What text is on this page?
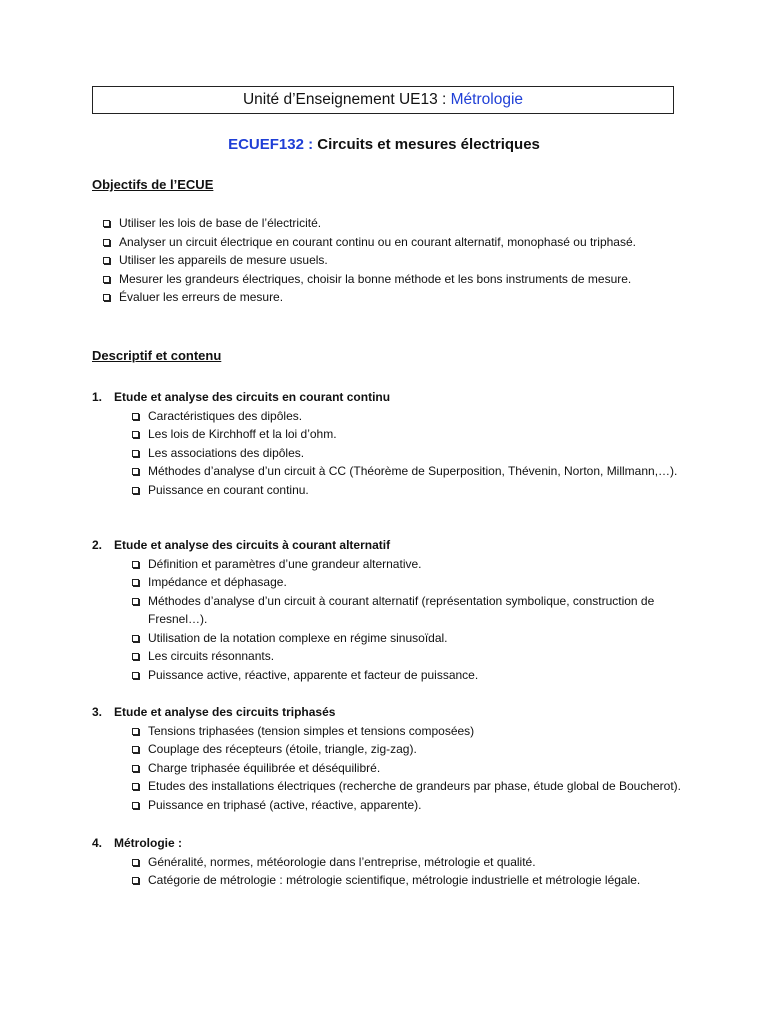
Unité d’Enseignement UE13 : Métrologie
ECUEF132 : Circuits et mesures électriques
Objectifs de l’ECUE
Utiliser les lois de base de l’électricité.
Analyser un circuit électrique en courant continu ou en courant alternatif, monophasé ou triphasé.
Utiliser les appareils de mesure usuels.
Mesurer les grandeurs électriques, choisir la bonne méthode et les bons instruments de mesure.
Évaluer les erreurs de mesure.
Descriptif et contenu
1. Etude et analyse des circuits en courant continu
Caractéristiques des dipôles.
Les lois de Kirchhoff et la loi d’ohm.
Les associations des dipôles.
Méthodes d’analyse d’un circuit à CC (Théorème de Superposition, Thévenin, Norton, Millmann,…).
Puissance en courant continu.
2. Etude et analyse des circuits à courant alternatif
Définition et paramètres d’une grandeur alternative.
Impédance et déphasage.
Méthodes d’analyse d’un circuit à courant alternatif (représentation symbolique, construction de Fresnel…).
Utilisation de la notation complexe en régime sinusoïdal.
Les circuits résonnants.
Puissance active, réactive, apparente et facteur de puissance.
3. Etude et analyse des circuits triphasés
Tensions triphasées (tension simples et tensions composées)
Couplage des récepteurs (étoile, triangle, zig-zag).
Charge triphasée équilibrée et déséquilibré.
Etudes des installations électriques (recherche de grandeurs par phase, étude global de Boucherot).
Puissance en triphasé (active, réactive, apparente).
4. Métrologie :
Généralité, normes, météorologie dans l’entreprise, métrologie et qualité.
Catégorie de métrologie : métrologie scientifique, métrologie industrielle et métrologie légale.
